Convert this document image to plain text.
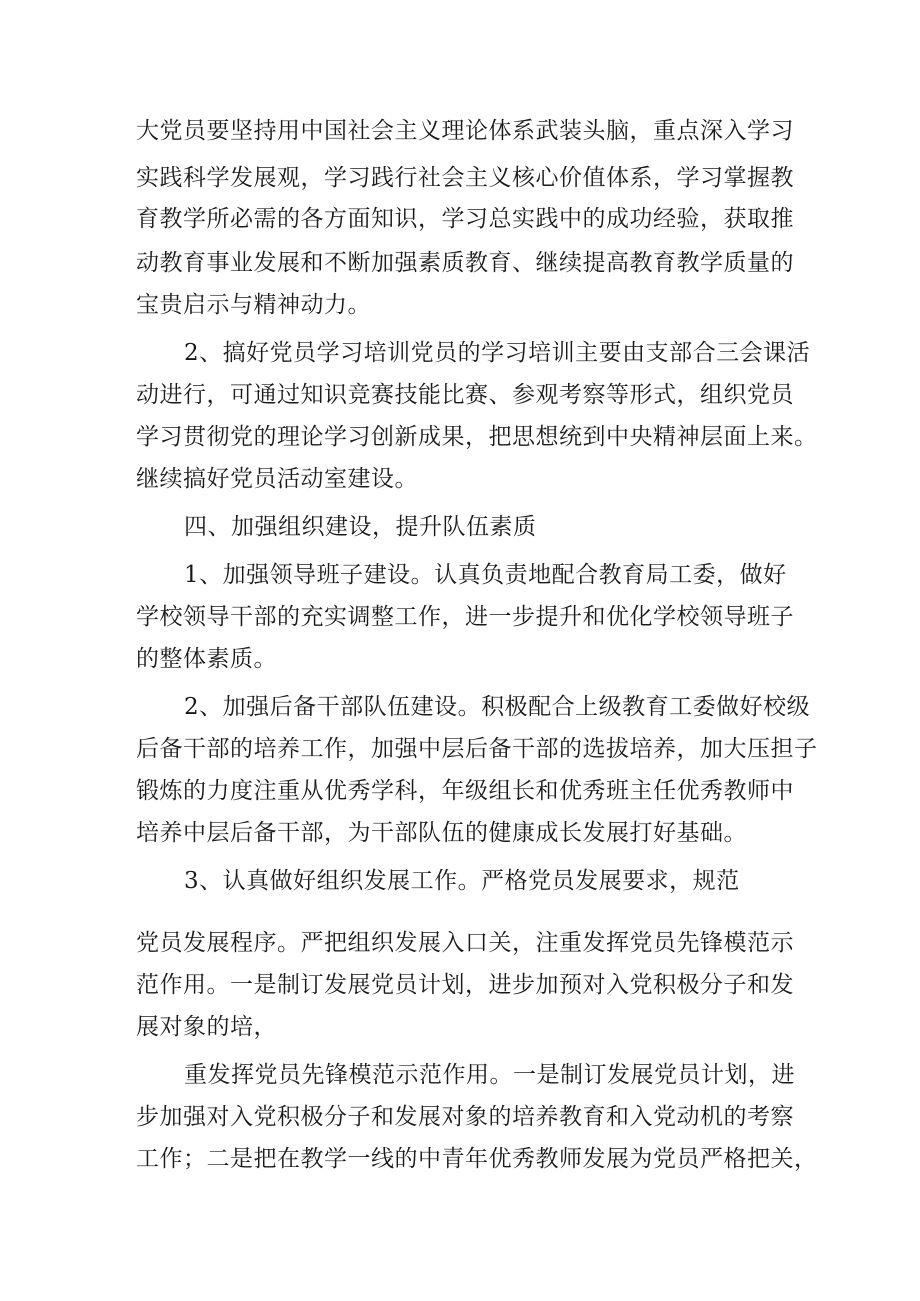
大党员要坚持用中国社会主义理论体系武装头脑，重点深入学习
实践科学发展观，学习践行社会主义核心价值体系，学习掌握教
育教学所必需的各方面知识，学习总实践中的成功经验，获取推
动教育事业发展和不断加强素质教育、继续提高教育教学质量的
宝贵启示与精神动力。
2、搞好党员学习培训党员的学习培训主要由支部合三会课活
动进行，可通过知识竞赛技能比赛、参观考察等形式，组织党员
学习贯彻党的理论学习创新成果，把思想统到中央精神层面上来。
继续搞好党员活动室建设。
四、加强组织建设，提升队伍素质
1、加强领导班子建设。认真负责地配合教育局工委，做好
学校领导干部的充实调整工作，进一步提升和优化学校领导班子
的整体素质。
2、加强后备干部队伍建设。积极配合上级教育工委做好校级
后备干部的培养工作，加强中层后备干部的选拔培养，加大压担子
锻炼的力度注重从优秀学科，年级组长和优秀班主任优秀教师中
培养中层后备干部，为干部队伍的健康成长发展打好基础。
3、认真做好组织发展工作。严格党员发展要求，规范
党员发展程序。严把组织发展入口关，注重发挥党员先锋模范示
范作用。一是制订发展党员计划，进步加预对入党积极分子和发
展对象的培，
重发挥党员先锋模范示范作用。一是制订发展党员计划，进
步加强对入党积极分子和发展对象的培养教育和入党动机的考察
工作；二是把在教学一线的中青年优秀教师发展为党员严格把关，
